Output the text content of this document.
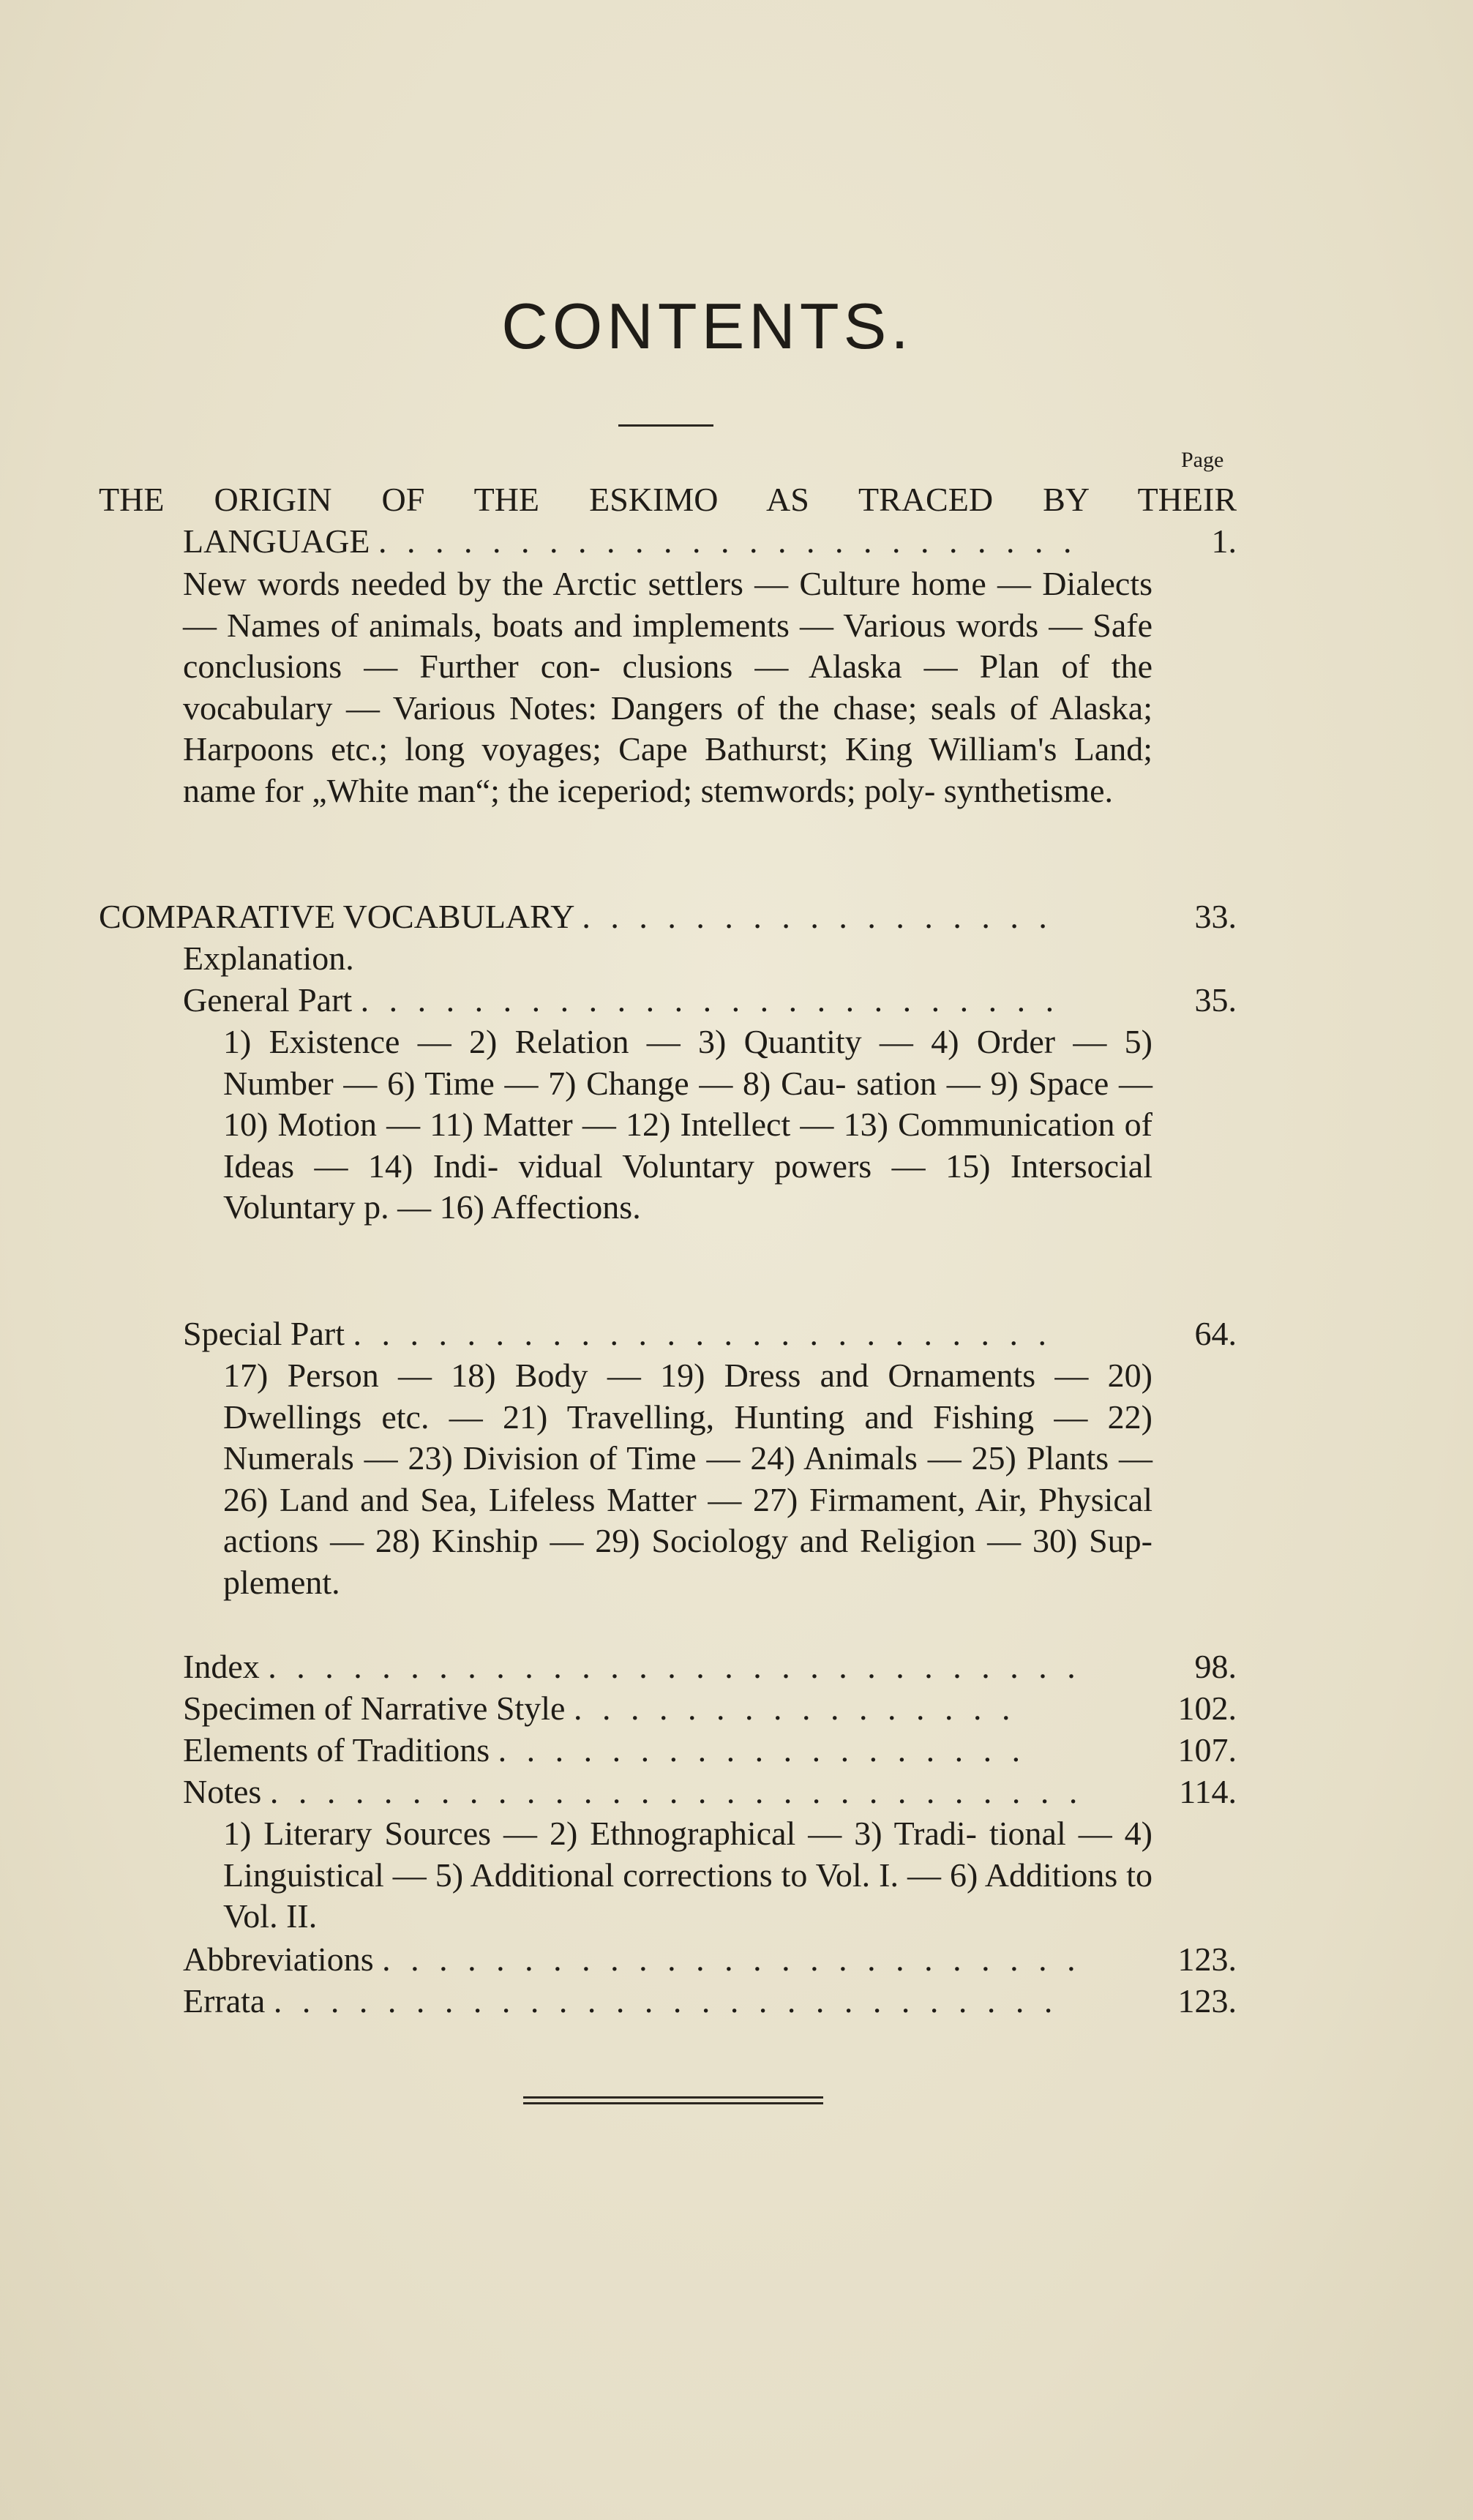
CONTENTS.
Page
THE ORIGIN OF THE ESKIMO AS TRACED BY THEIR
LANGUAGE . . . . . . . . . . . . . . . . . . . . . . . . .	1.
New words needed by the Arctic settlers — Culture home — Dialects — Names of animals, boats and implements — Various words — Safe conclusions — Further con- clusions — Alaska — Plan of the vocabulary — Various Notes: Dangers of the chase; seals of Alaska; Harpoons etc.; long voyages; Cape Bathurst; King William's Land; name for „White man“; the iceperiod; stemwords; poly- synthetisme.
COMPARATIVE VOCABULARY . . . . . . . . . . . . . . . . .	33.
Explanation.
General Part . . . . . . . . . . . . . . . . . . . . . . . . .	35.
1) Existence — 2) Relation — 3) Quantity — 4) Order — 5) Number — 6) Time — 7) Change — 8) Cau- sation — 9) Space — 10) Motion — 11) Matter — 12) Intellect — 13) Communication of Ideas — 14) Indi- vidual Voluntary powers — 15) Intersocial Voluntary p. — 16) Affections.
Special Part . . . . . . . . . . . . . . . . . . . . . . . . .	64.
17) Person — 18) Body — 19) Dress and Ornaments — 20) Dwellings etc. — 21) Travelling, Hunting and Fishing — 22) Numerals — 23) Division of Time — 24) Animals — 25) Plants — 26) Land and Sea, Lifeless Matter — 27) Firmament, Air, Physical actions — 28) Kinship — 29) Sociology and Religion — 30) Sup- plement.
Index . . . . . . . . . . . . . . . . . . . . . . . . . . . . .	98.
Specimen of Narrative Style . . . . . . . . . . . . . . . .	102.
Elements of Traditions . . . . . . . . . . . . . . . . . . .	107.
Notes . . . . . . . . . . . . . . . . . . . . . . . . . . . . .	114.
1) Literary Sources — 2) Ethnographical — 3) Tradi- tional — 4) Linguistical — 5) Additional corrections to Vol. I. — 6) Additions to Vol. II.
Abbreviations . . . . . . . . . . . . . . . . . . . . . . . . .	123.
Errata . . . . . . . . . . . . . . . . . . . . . . . . . . . .	123.
